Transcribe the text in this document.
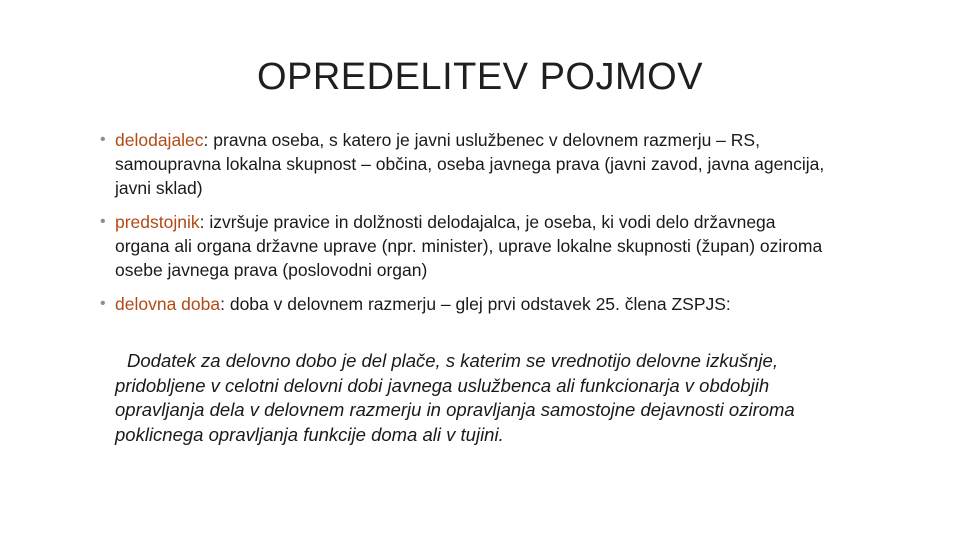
OPREDELITEV POJMOV
• delodajalec: pravna oseba, s katero je javni uslužbenec v delovnem razmerju – RS, samoupravna lokalna skupnost – občina, oseba javnega prava (javni zavod, javna agencija, javni sklad)
• predstojnik: izvršuje pravice in dolžnosti delodajalca, je oseba, ki vodi delo državnega organa ali organa državne uprave (npr. minister), uprave lokalne skupnosti (župan) oziroma osebe javnega prava (poslovodni organ)
• delovna doba: doba v delovnem razmerju – glej prvi odstavek 25. člena ZSPJS:
Dodatek za delovno dobo je del plače, s katerim se vrednotijo delovne izkušnje, pridobljene v celotni delovni dobi javnega uslužbenca ali funkcionarja v obdobjih opravljanja dela v delovnem razmerju in opravljanja samostojne dejavnosti oziroma poklicnega opravljanja funkcije doma ali v tujini.
